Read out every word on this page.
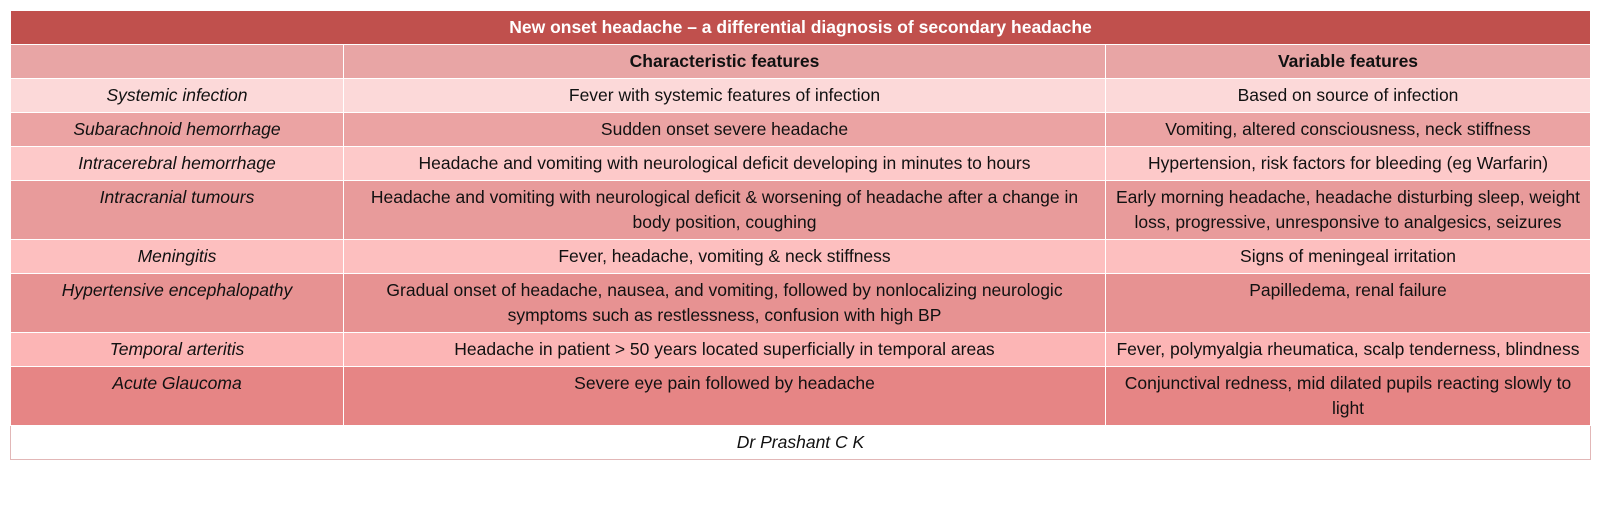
New onset headache – a differential diagnosis of secondary headache		
	Characteristic features	Variable features
Systemic infection	Fever with systemic features of infection	Based on source of infection
Subarachnoid hemorrhage	Sudden onset severe headache	Vomiting, altered consciousness, neck stiffness
Intracerebral hemorrhage	Headache and vomiting with neurological deficit developing in minutes to hours	Hypertension, risk factors for bleeding (eg Warfarin)
Intracranial tumours	Headache and vomiting with neurological deficit & worsening of headache after a change in body position, coughing	Early morning headache, headache disturbing sleep, weight loss, progressive, unresponsive to analgesics, seizures
Meningitis	Fever, headache, vomiting & neck stiffness	Signs of meningeal irritation
Hypertensive encephalopathy	Gradual onset of headache, nausea, and vomiting, followed by nonlocalizing neurologic symptoms such as restlessness, confusion with high BP	Papilledema, renal failure
Temporal arteritis	Headache in patient > 50 years located superficially in temporal areas	Fever, polymyalgia rheumatica, scalp tenderness, blindness
Acute Glaucoma	Severe eye pain followed by headache	Conjunctival redness, mid dilated pupils reacting slowly to light
Dr Prashant C K		
